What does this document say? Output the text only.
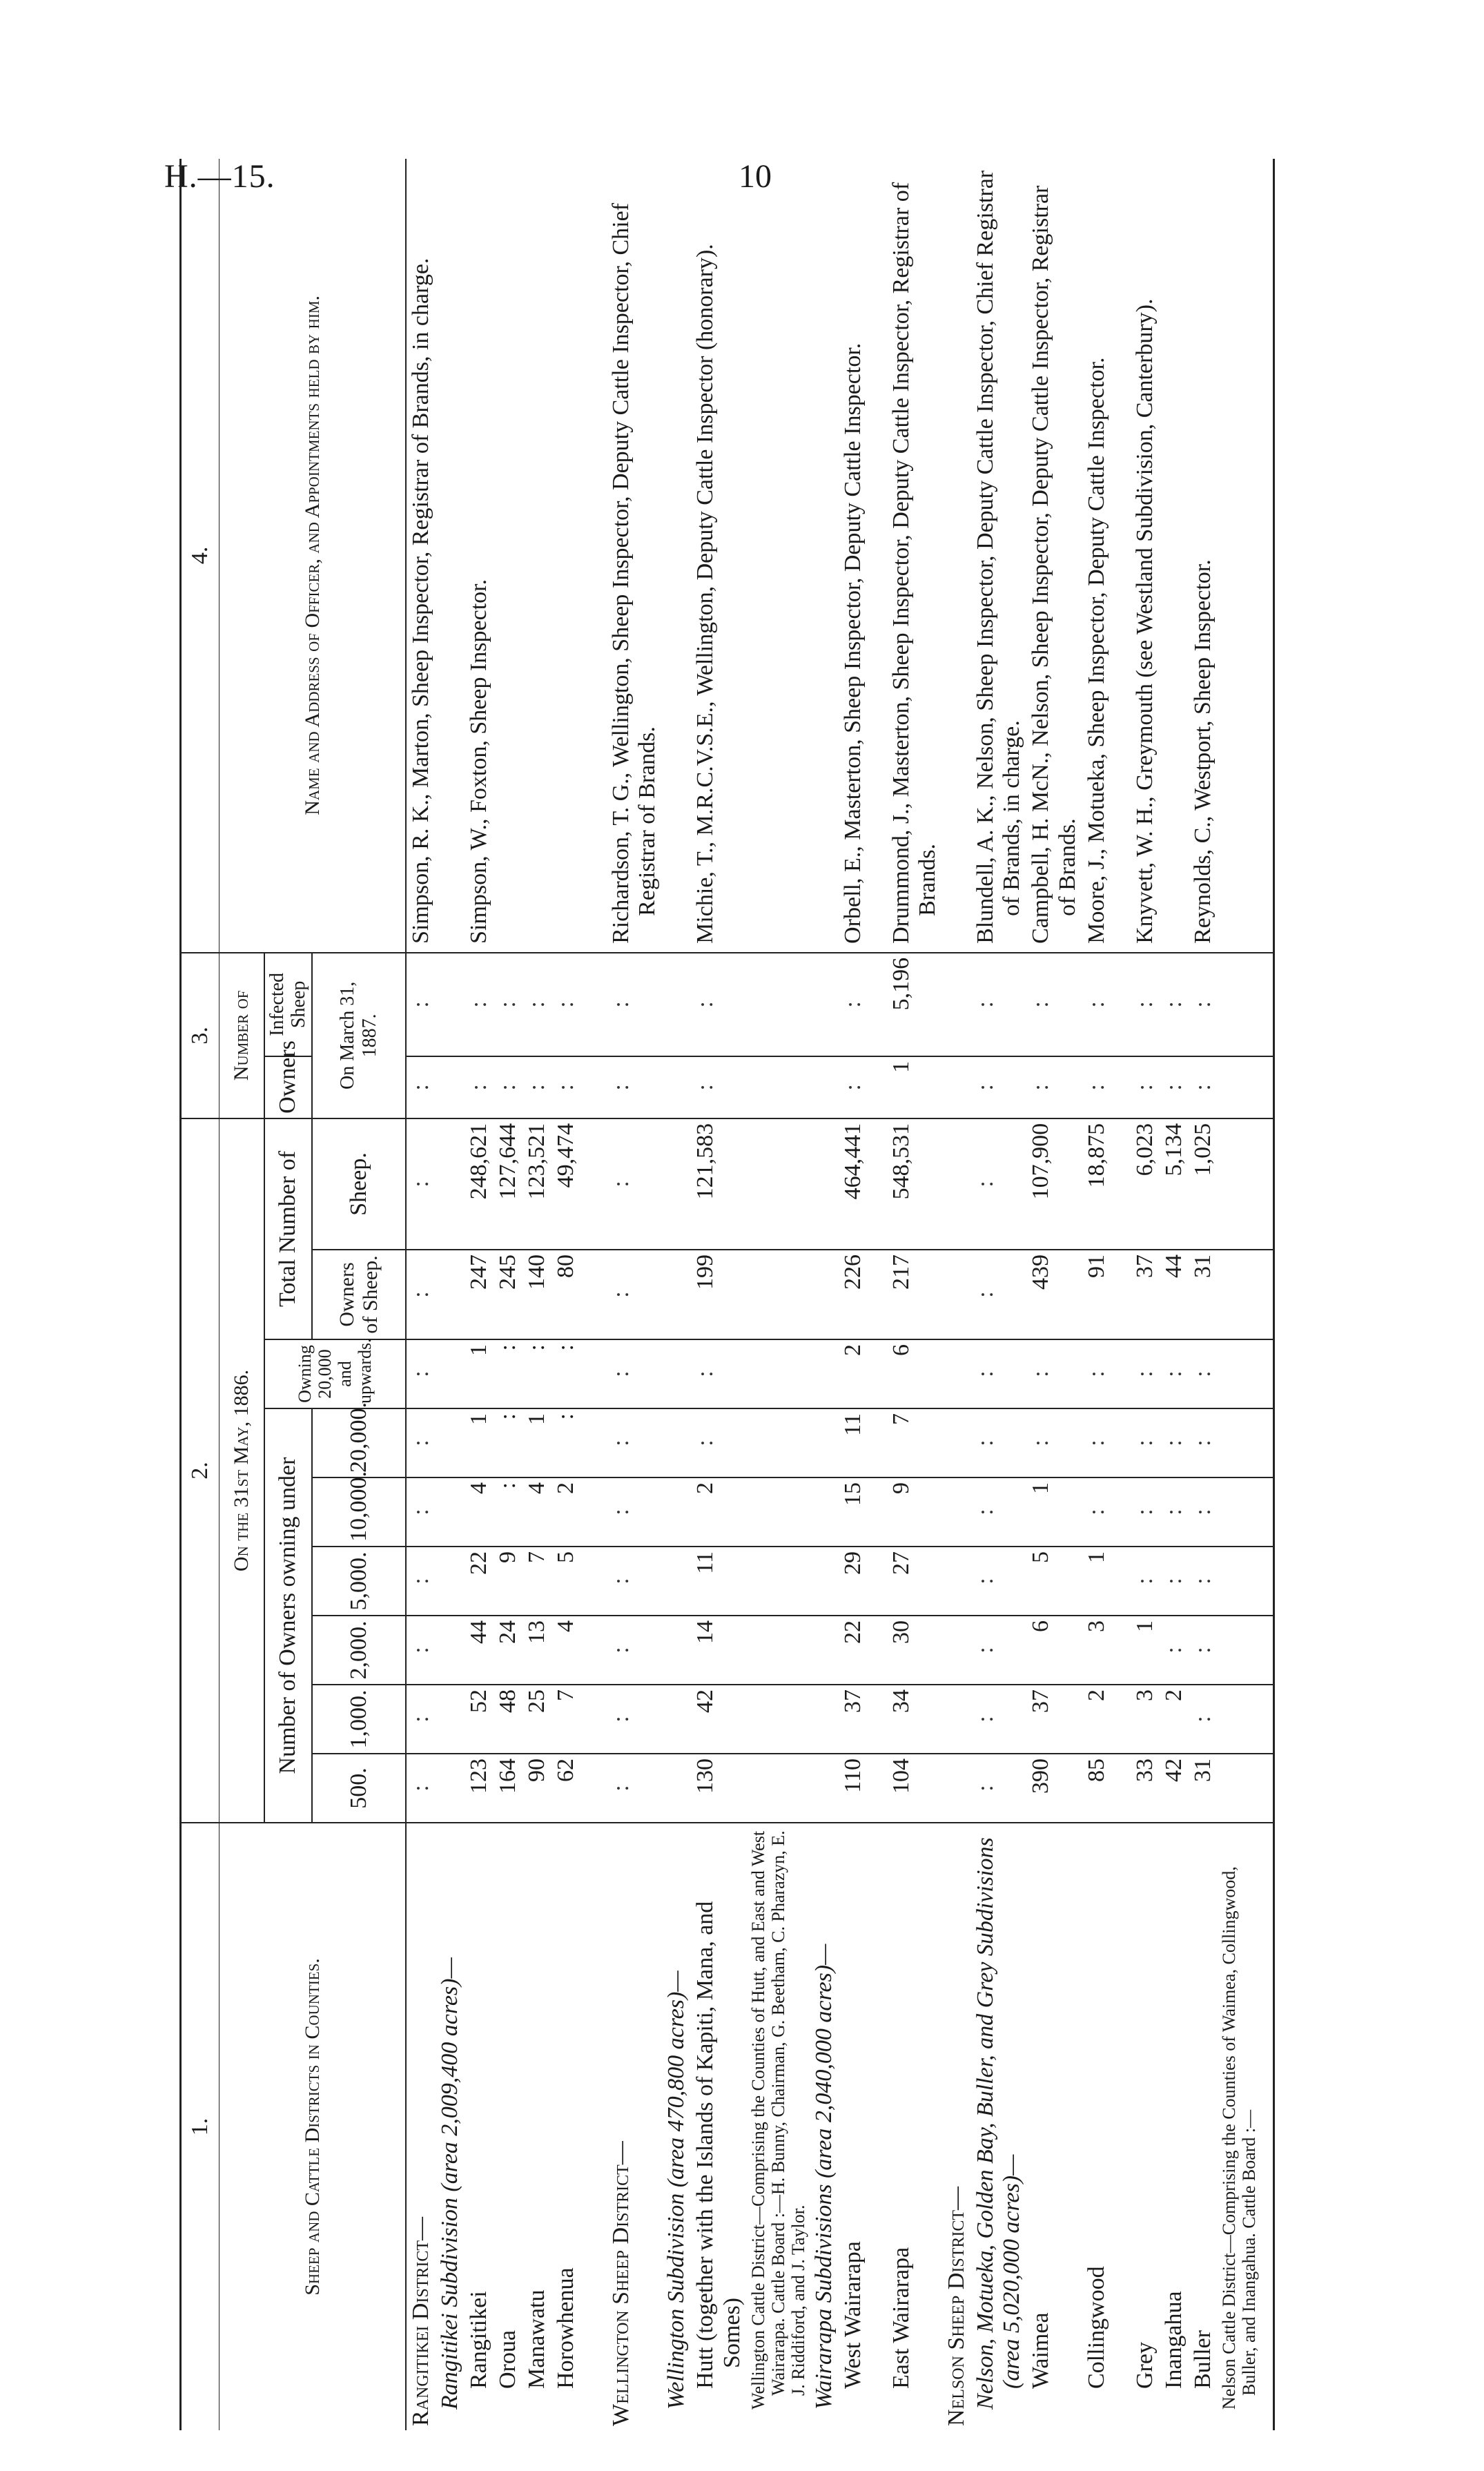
H.—15.	10
1.	2.									3.		4.
Sheep and Cattle Districts in Counties.	On the 31st May, 1886.									Number of		Name and Address of Officer, and Appointments held by him.
	Number of Owners owning under						Owning 20,000 and upwards.	Total Number of		Owners	Infected Sheep	
	500.	1,000.	2,000.	5,000.	10,000.	20,000.		Owners of Sheep.	Sheep.	On March 31, 1887.		
Rangitikei District—	:	:	:	:	:	:	:	:	:	:	:	Simpson, R. K., Marton, Sheep Inspector, Registrar of Brands, in charge.

Rangitikei Subdivision (area 2,009,400 acres)—												
Rangitikei	123	52	44	22	4	1	1	247	248,621	:	:	Simpson, W., Foxton, Sheep Inspector.

Oroua	164	48	24	9	:	:	:	245	127,644	:	:	

Manawatu	90	25	13	7	4	1	:	140	123,521	:	:	

Horowhenua	62	7	4	5	2	:	:	80	49,474	:	:	

Wellington Sheep District—	:	:	:	:	:	:	:	:	:	:	:	Richardson, T. G., Wellington, Sheep Inspector, Deputy Cattle Inspector, Chief Registrar of Brands.

Wellington Subdivision (area 470,800 acres)—												
Hutt (together with the Islands of Kapiti, Mana, and Somes)	130	42	14	11	2	:	:	199	121,583	:	:	Michie, T., M.R.C.V.S.E., Wellington, Deputy Cattle Inspector (honorary).

Wellington Cattle District—Comprising the Counties of Hutt, and East and West Wairarapa. Cattle Board :—H. Bunny, Chairman, G. Beetham, C. Pharazyn, E. J. Riddiford, and J. Taylor.												
Wairarapa Subdivisions (area 2,040,000 acres)—												
West Wairarapa	110	37	22	29	15	11	2	226	464,441	:	:	Orbell, E., Masterton, Sheep Inspector, Deputy Cattle Inspector.

East Wairarapa	104	34	30	27	9	7	6	217	548,531	1	5,196	Drummond, J., Masterton, Sheep Inspector, Deputy Cattle Inspector, Registrar of Brands.

Nelson Sheep District—												
Nelson, Motueka, Golden Bay, Buller, and Grey Subdivisions (area 5,020,000 acres)—	:	:	:	:	:	:	:	:	:	:	:	Blundell, A. K., Nelson, Sheep Inspector, Deputy Cattle Inspector, Chief Registrar of Brands, in charge.

Waimea	390	37	6	5	1	:	:	439	107,900	:	:	Campbell, H. McN., Nelson, Sheep Inspector, Deputy Cattle Inspector, Registrar of Brands.

Collingwood	85	2	3	1	:	:	:	91	18,875	:	:	Moore, J., Motueka, Sheep Inspector, Deputy Cattle Inspector.

Grey	33	3	1	:	:	:	:	37	6,023	:	:	Knyvett, W. H., Greymouth (see Westland Subdivision, Canterbury).

Inangahua	42	2	:	:	:	:	:	44	5,134	:	:	

Buller	31	:	:	:	:	:	:	31	1,025	:	:	Reynolds, C., Westport, Sheep Inspector.

Nelson Cattle District—Comprising the Counties of Waimea, Collingwood, Buller, and Inangahua. Cattle Board :—												
